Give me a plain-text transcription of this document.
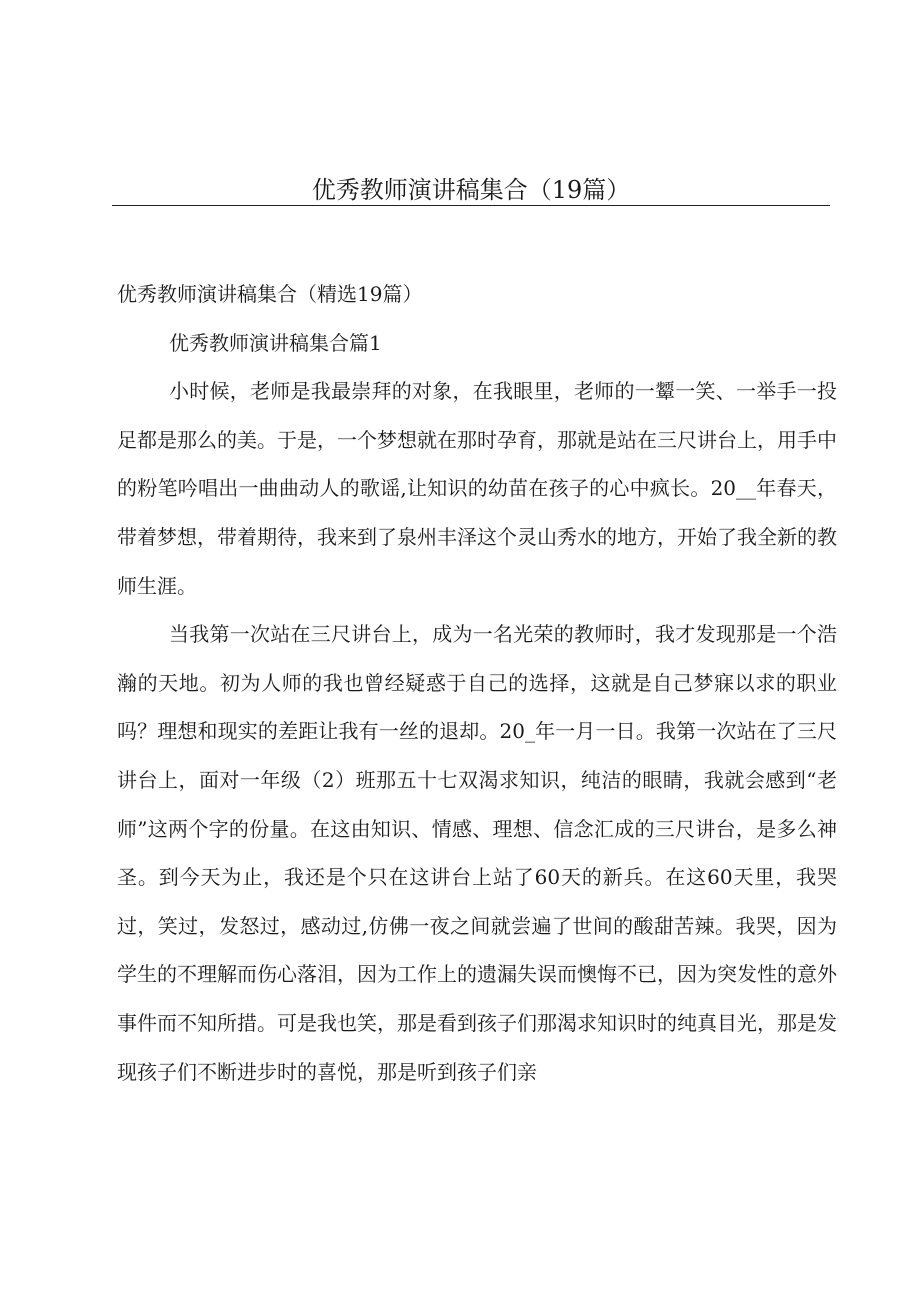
优秀教师演讲稿集合（19篇）

优秀教师演讲稿集合（精选19篇）

优秀教师演讲稿集合篇1

小时候，老师是我最崇拜的对象，在我眼里，老师的一颦一笑、一举手一投足都是那么的美。于是，一个梦想就在那时孕育，那就是站在三尺讲台上，用手中的粉笔吟唱出一曲曲动人的歌谣,让知识的幼苗在孩子的心中疯长。20__年春天，带着梦想，带着期待，我来到了泉州丰泽这个灵山秀水的地方，开始了我全新的教师生涯。

当我第一次站在三尺讲台上，成为一名光荣的教师时，我才发现那是一个浩瀚的天地。初为人师的我也曾经疑惑于自己的选择，这就是自己梦寐以求的职业吗？理想和现实的差距让我有一丝的退却。20_年一月一日。我第一次站在了三尺讲台上，面对一年级（2）班那五十七双渴求知识，纯洁的眼睛，我就会感到“老师”这两个字的份量。在这由知识、情感、理想、信念汇成的三尺讲台，是多么神圣。到今天为止，我还是个只在这讲台上站了60天的新兵。在这60天里，我哭过，笑过，发怒过，感动过,仿佛一夜之间就尝遍了世间的酸甜苦辣。我哭，因为学生的不理解而伤心落泪，因为工作上的遗漏失误而懊悔不已，因为突发性的意外事件而不知所措。可是我也笑，那是看到孩子们那渴求知识时的纯真目光，那是发现孩子们不断进步时的喜悦，那是听到孩子们亲
